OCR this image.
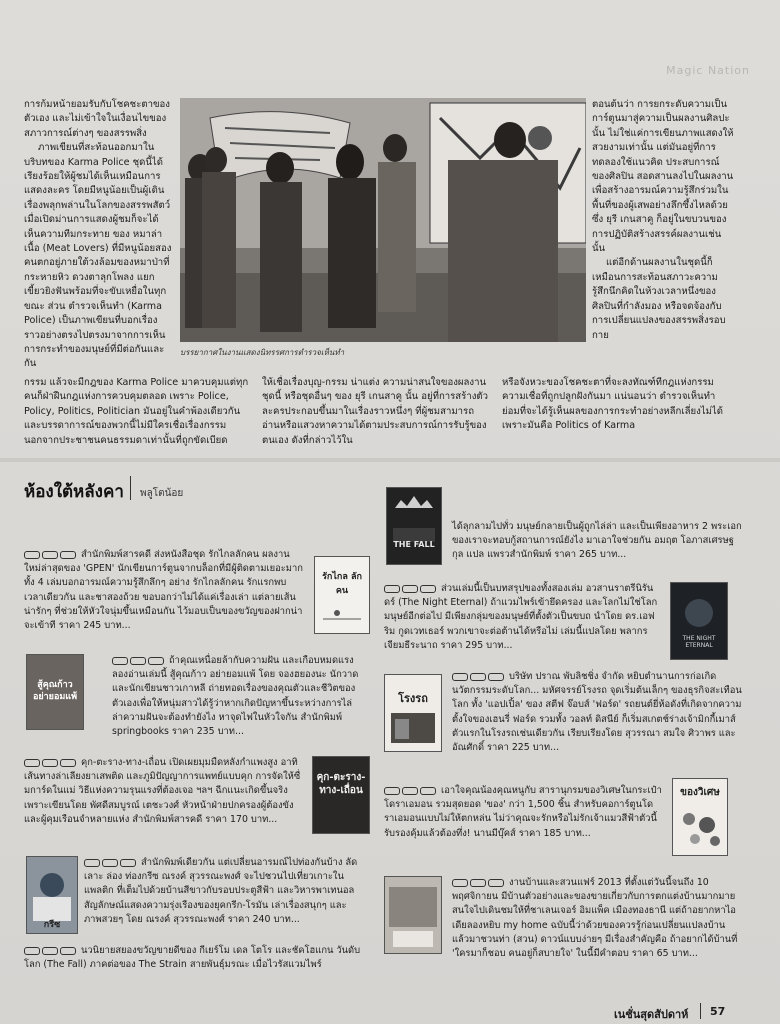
Magic Nation

การก้มหน้ายอมรับกับโชคชะตาของตัวเอง และไม่เข้าใจในเงื่อนไขของสภาวการณ์ต่างๆ ของสรรพสิ่ง

ภาพเขียนที่สะท้อนออกมาในบริบทของ Karma Police ชุดนี้ได้เรียงร้อยให้ผู้ชมได้เห็นเหมือนการแสดงละคร โดยมีหนูน้อยเป็นผู้เดินเรื่องพลุกพล่านในโลกของสรรพสัตว์ เมื่อเปิดม่านการแสดงผู้ชมก็จะได้เห็นความทีมกระทาย ของ หมาล่าเนื้อ (Meat Lovers) ที่มีหนูน้อยสองคนตกอยู่ภายใต้วงล้อมของหมาป่าที่กระหายหิว ดวงตาลุกโพลง แยกเขี้ยวยิงฟันพร้อมที่จะขับเหยื่อในทุกขณะ ส่วน ตำรวจเห็นทำ (Karma Police) เป็นภาพเขียนที่บอกเรื่องราวอย่างตรงไปตรงมาจากการเห็น การกระทำของมนุษย์ที่มีต่อกันและกัน

บรรยากาศในงานแสดงนิทรรศการตำรวจเห็นทำ

ตอนต้นว่า การยกระดับความเป็นการ์ตูนมาสู่ความเป็นผลงานศิลปะนั้น ไม่ใช่แค่การเขียนภาพแสดงให้สวยงามเท่านั้น แต่มันอยู่ที่การทดลองใช้แนวคิด ประสบการณ์ของศิลปิน สอดสานลงไปในผลงาน เพื่อสร้างอารมณ์ความรู้สึกร่วมในพื้นที่ของผู้เสพอย่างลึกซึ้งไหลด้วย ซึ่ง ยุรี เกนสาคู ก็อยู่ในขบวนของการปฏิบัติสร้างสรรค์ผลงานเช่นนั้น

แต่อีกด้านผลงานในชุดนี้ก็เหมือนการสะท้อนสภาวะความรู้สึกนึกคิดในห้วงเวลาหนึ่งของศิลปินที่กำลังมอง หรือจดจ้องกับการเปลี่ยนแปลงของสรรพสิ่งรอบกาย

กรรม แล้วจะมีกฎของ Karma Police มาควบคุมแต่ทุกคนก็ฝ่าฝืนกฎแห่งการควบคุมตลอด เพราะ Police, Policy, Politics, Politician มันอยู่ในคำพ้องเดียวกันและบรรดาการณ์ของพวกนี้ไม่มีใครเชื่อเรื่องกรรมนอกจากประชาชนคนธรรมดาเท่านั้นที่ถูกขัดเบียด

ให้เชื่อเรื่องบุญ-กรรม น่าแต่ง ความน่าสนใจของผลงานชุดนี้ หรือชุดอื่นๆ ของ ยุรี เกนสาคู นั้น อยู่ที่การสร้างตัวละครประกอบขึ้นมาในเรื่องราวหนึ่งๆ ที่ผู้ชมสามารถอ่านหรือแสวงหาความได้ตามประสบการณ์การรับรู้ของตนเอง ดังที่กล่าวไว้ใน

หรือจังหวะของโชคชะตาที่จะลงทัณฑ์ทีกฎแห่งกรรมความเชื่อที่ถูกปลูกฝังกันมา แน่นอนว่า ตำรวจเห็นทำ ย่อมที่จะได้รู้เห็นผลของการกระทำอย่างหลีกเลี่ยงไม่ได้ เพราะมันคือ Politics of Karma

ห้องใต้หลังคา พลูโตน้อย
สำนักพิมพ์สารคดี ส่งหนังสือชุด รักไกลลักคน ผลงานใหม่ล่าสุดของ 'GPEN' นักเขียนการ์ตูนจากบล็อกที่มีผู้ติดตามเยอะมาก ทั้ง 4 เล่มบอกอารมณ์ความรู้สึกลึกๆ อย่าง รักไกลลักคน รักแรกพบ เวลาเดียวกัน และชาสองถ้วย ขอบอกว่าไม่ได้แค่เรื่องเล่า แต่ลายเส้นน่ารักๆ ที่ช่วยให้หัวใจนุ่มขึ้นเหมือนกัน ไว้มอบเป็นของขวัญของฝากน่าจะเข้าที ราคา 245 บาท...
ถ้าคุณเหนื่อยล้ากับความฝัน และเกือบหมดแรงลองอ่านเล่มนี้ สู้คุณก้าว อย่ายอมแพ้ โดย จองฮยองนะ นักวาดและนักเขียนชาวเกาหลี ถ่ายทอดเรื่องของคุณตัวและชีวิตของตัวเองเพื่อให้หนุ่มสาวได้รู้ว่าหากเกิดปัญหาขึ้นระหว่างการไล่ล่าความฝันจะต้องทำยังไง หาจุดไฟในหัวใจกัน สำนักพิมพ์ springbooks ราคา 235 บาท...
คุก-ตะราง-ทาง-เถื่อน เปิดเผยมุมมืดหลังกำแพงสูง อาทิ เส้นทางล่าเลียงยาเสพติด และภูมิปัญญาการแพทย์แบบคุก การจัดให้ซื่มการ์ดในแม่ วิธีแห่งความรุนแรงที่ต้องเจอ ฯลฯ ฉีกแนะเกิดขึ้นจริง เพราะเขียนโดย พัศดีสมบูรณ์ เตชะวงศ์ หัวหน้าฝ่ายปกครองผู้ต้องขังและผู้คุมเรือนจำหลายแห่ง สำนักพิมพ์สารคดี ราคา 170 บาท...
สำนักพิมพ์เดียวกัน แต่เปลี่ยนอารมณ์ไปท่องกันบ้าง ลัด เลาะ ล่อง ท่องกรีซ ณรงค์ สุวรรณะพงศ์ จะไปชวนไปเที่ยวเกาะในแพลติก ที่เต็มไปด้วยบ้านสีขาวกับรอบประตูสีฟ้า และวิหารพาเทนอล สัญลักษณ์แสดงความรุ่งเรืองของยุคกรีก-โรมัน เล่าเรื่องสนุกๆ และภาพสวยๆ โดย ณรงค์ สุวรรณะพงศ์ ราคา 240 บาท...
นวนิยายสยองขวัญขายดีของ กีเยร์โม เดล โตโร และชัคโฮแกน วันดับโลก (The Fall) ภาคต่อของ The Strain สายพันธุ์มรณะ เมื่อไวรัสแวมไพร์
ได้ลุกลามไปทั่ว มนุษย์กลายเป็นผู้ถูกไล่ล่า และเป็นเพียงอาหาร 2 พระเอกของเราจะทอบกู้สถานการณ์ยังไง มาเอาใจช่วยกัน อมฤต โอภาสเศรษฐกุล แปล แพรวสำนักพิมพ์ ราคา 265 บาท...
ส่วนเล่มนี้เป็นบทสรุปของทั้งสองเล่ม อวสานราตรีนิรันดร์ (The Night Eternal) ถ้าแวมไพร์เข้ายึดครอง และโลกไม่ใช่โลกมนุษย์อีกต่อไป มีเพียงกลุ่มของมนุษย์ที่ตั้งตัวเป็นขบถ นำโดย ดร.เอฟริม กูดเวทเธอร์ พวกเขาจะต่อต้านได้หรือไม่ เล่มนี้แปลโดย พลากร เจียมธีระนาถ ราคา 295 บาท...
บริษัท ปราณ พับลิชชิ่ง จำกัด หยิบตำนานการก่อเกิดนวัตกรรมระดับโลก... มหัศจรรย์โรงรถ จุดเริ่มต้นเล็กๆ ของธุรกิจสะเทือนโลก ทั้ง 'แอปเปิ้ล' ของ สตีฟ จ๊อบส์ 'ฟอร์ด' รถยนต์ยี่ห้อดังที่เกิดจากความตั้งใจของเฮนรี่ ฟอร์ด รวมทั้ง วอลท์ ดิสนีย์ ก็เริ่มสเกตช์ร่างเจ้ามิกกี้เมาส์ตัวแรกในโรงรถเช่นเดียวกัน เรียบเรียงโดย สุวรรณา สมใจ ศิวาพร และอัณศักดิ์ ราคา 225 บาท...
เอาใจคุณน้องคุณหนูกับ สารานุกรมของวิเศษในกระเป๋าโดราเอมอน รวมสุดยอด 'ของ' กว่า 1,500 ชิ้น สำหรับคอการ์ตูนโดราเอมอนแบบไม่ให้ตกหล่น ไม่ว่าคุณจะรักหรือไม่รักเจ้าแมวสีฟ้าตัวนี้ รับรองคุ้มแล้วต้องทึ่ง! นานมีบุ๊คส์ ราคา 185 บาท...
งานบ้านและสวนแฟร์ 2013 ที่ตั้งแต่วันนี้จนถึง 10 พฤศจิกายน มีบ้านตัวอย่างและของขายเกี่ยวกับการตกแต่งบ้านมากมาย สนใจไปเดินชมให้ที่ชาเลนเจอร์ อิมแพ็ค เมืองทองธานี แต่ถ้าอยากหาไอเดียลองหยิบ my home ฉบับนี้ว่าด้วยของควรรู้ก่อนเปลี่ยนแปลงบ้าน แล้วมาชวนท่า (สวน) ดาวน์แบบง่ายๆ มีเรื่องสำคัญคือ ถ้าอยากได้บ้านที่ 'ใครมาก็ชอบ คนอยู่ก็สบายใจ' ในนี้มีคำตอบ ราคา 65 บาท...
THE FALL
รักไกล ลักคน
THE NIGHT ETERNAL
สู้คุณก้าว อย่ายอมแพ้	โรงรถ
คุก-ตะราง-ทาง-เถื่อน	ของวิเศษ
กรีซ
เนชั่นสุดสัปดาห์ 57
